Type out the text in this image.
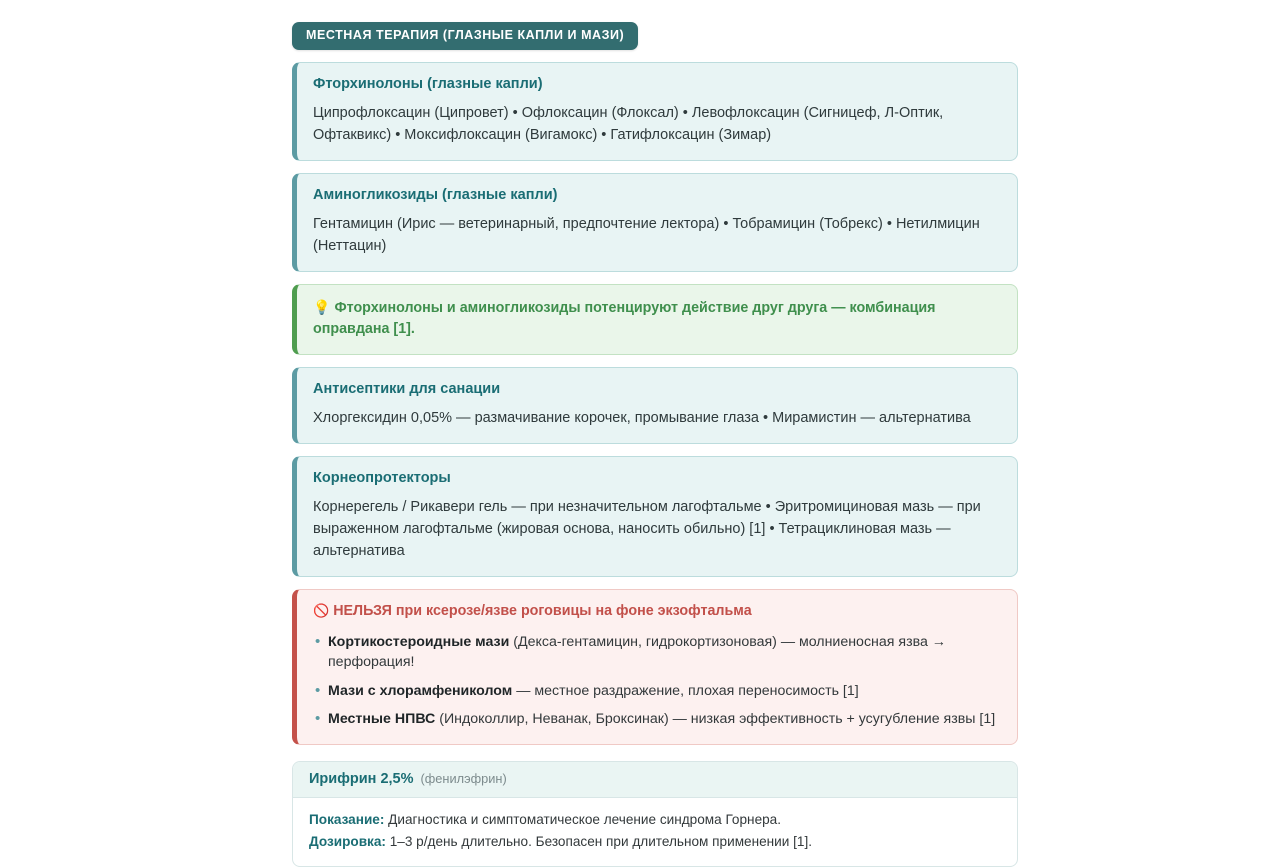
МЕСТНАЯ ТЕРАПИЯ (ГЛАЗНЫЕ КАПЛИ И МАЗИ)
Фторхинолоны (глазные капли)
Ципрофлоксацин (Ципровет) • Офлоксацин (Флоксал) • Левофлоксацин (Сигницеф, Л-Оптик, Офтаквикс) • Моксифлоксацин (Вигамокс) • Гатифлоксацин (Зимар)
Аминогликозиды (глазные капли)
Гентамицин (Ирис — ветеринарный, предпочтение лектора) • Тобрамицин (Тобрекс) • Нетилмицин (Неттацин)
💡 Фторхинолоны и аминогликозиды потенцируют действие друг друга — комбинация оправдана [1].
Антисептики для санации
Хлоргексидин 0,05% — размачивание корочек, промывание глаза • Мирамистин — альтернатива
Корнеопротекторы
Корнерегель / Рикавери гель — при незначительном лагофтальме • Эритромициновая мазь — при выраженном лагофтальме (жировая основа, наносить обильно) [1] • Тетрациклиновая мазь — альтернатива
🚫 НЕЛЬЗЯ при ксерозе/язве роговицы на фоне экзофтальма
• Кортикостероидные мази (Декса-гентамицин, гидрокортизоновая) — молниеносная язва → перфорация!
• Мази с хлорамфениколом — местное раздражение, плохая переносимость [1]
• Местные НПВС (Индоколлир, Неванак, Броксинак) — низкая эффективность + усугубление язвы [1]
Ирифрин 2,5% (фенилэфрин)
Показание: Диагностика и симптоматическое лечение синдрома Горнера.
Дозировка: 1–3 р/день длительно. Безопасен при длительном применении [1].
